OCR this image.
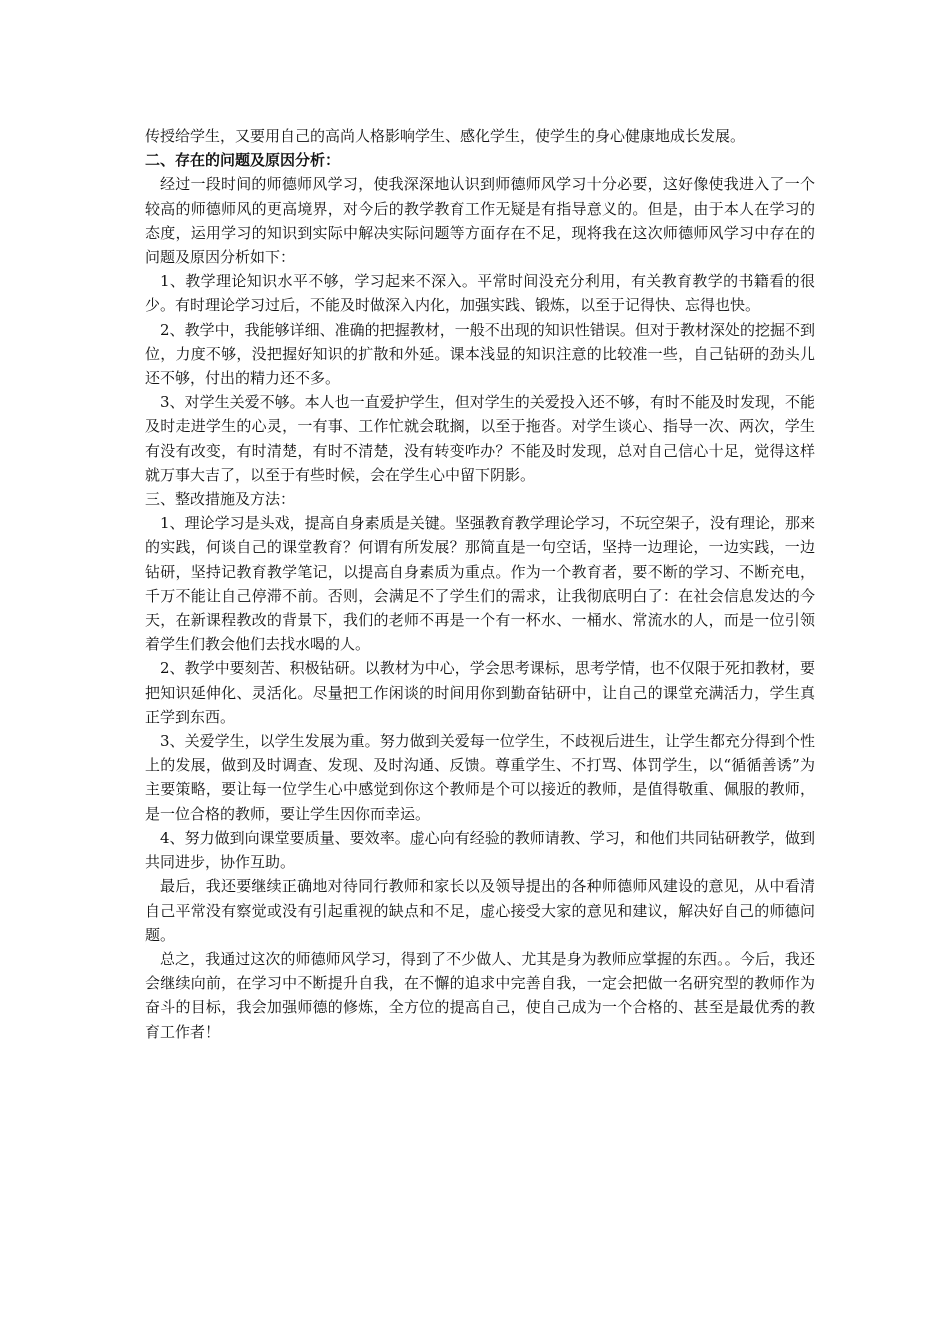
传授给学生，又要用自己的高尚人格影响学生、感化学生，使学生的身心健康地成长发展。

二、存在的问题及原因分析：

经过一段时间的师德师风学习，使我深深地认识到师德师风学习十分必要，这好像使我进入了一个较高的师德师风的更高境界，对今后的教学教育工作无疑是有指导意义的。但是，由于本人在学习的态度，运用学习的知识到实际中解决实际问题等方面存在不足，现将我在这次师德师风学习中存在的问题及原因分析如下：

1、教学理论知识水平不够，学习起来不深入。平常时间没充分利用，有关教育教学的书籍看的很少。有时理论学习过后，不能及时做深入内化，加强实践、锻炼，以至于记得快、忘得也快。

2、教学中，我能够详细、准确的把握教材，一般不出现的知识性错误。但对于教材深处的挖掘不到位，力度不够，没把握好知识的扩散和外延。课本浅显的知识注意的比较准一些，自己钻研的劲头儿还不够，付出的精力还不多。

3、对学生关爱不够。本人也一直爱护学生，但对学生的关爱投入还不够，有时不能及时发现，不能及时走进学生的心灵，一有事、工作忙就会耽搁，以至于拖沓。对学生谈心、指导一次、两次，学生有没有改变，有时清楚，有时不清楚，没有转变咋办？不能及时发现，总对自己信心十足，觉得这样就万事大吉了，以至于有些时候，会在学生心中留下阴影。

三、整改措施及方法：

1、理论学习是头戏，提高自身素质是关键。坚强教育教学理论学习，不玩空架子，没有理论，那来的实践，何谈自己的课堂教育？何谓有所发展？那简直是一句空话，坚持一边理论，一边实践，一边钻研，坚持记教育教学笔记，以提高自身素质为重点。作为一个教育者，要不断的学习、不断充电，千万不能让自己停滞不前。否则，会满足不了学生们的需求，让我彻底明白了：在社会信息发达的今天，在新课程教改的背景下，我们的老师不再是一个有一杯水、一桶水、常流水的人，而是一位引领着学生们教会他们去找水喝的人。

2、教学中要刻苦、积极钻研。以教材为中心，学会思考课标，思考学情，也不仅限于死扣教材，要把知识延伸化、灵活化。尽量把工作闲谈的时间用你到勤奋钻研中，让自己的课堂充满活力，学生真正学到东西。

3、关爱学生，以学生发展为重。努力做到关爱每一位学生，不歧视后进生，让学生都充分得到个性上的发展，做到及时调查、发现、及时沟通、反馈。尊重学生、不打骂、体罚学生，以“循循善诱”为主要策略，要让每一位学生心中感觉到你这个教师是个可以接近的教师，是值得敬重、佩服的教师，是一位合格的教师，要让学生因你而幸运。

4、努力做到向课堂要质量、要效率。虚心向有经验的教师请教、学习，和他们共同钻研教学，做到共同进步，协作互助。

最后，我还要继续正确地对待同行教师和家长以及领导提出的各种师德师风建设的意见，从中看清自己平常没有察觉或没有引起重视的缺点和不足，虚心接受大家的意见和建议，解决好自己的师德问题。

总之，我通过这次的师德师风学习，得到了不少做人、尤其是身为教师应掌握的东西。。今后，我还会继续向前，在学习中不断提升自我，在不懈的追求中完善自我，一定会把做一名研究型的教师作为奋斗的目标，我会加强师德的修炼，全方位的提高自己，使自己成为一个合格的、甚至是最优秀的教育工作者！
